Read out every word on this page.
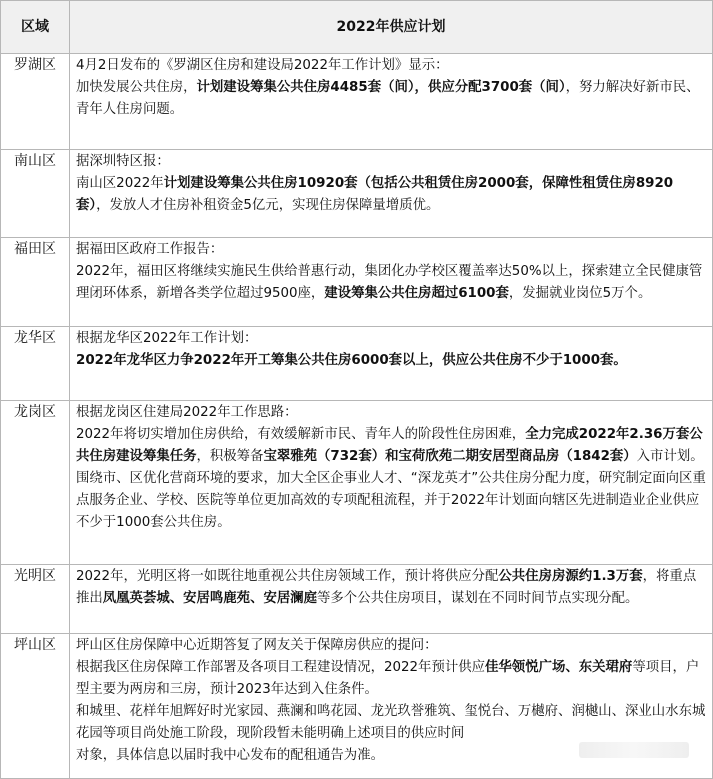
区域	2022年供应计划
罗湖区	4月2日发布的《罗湖区住房和建设局2022年工作计划》显示：
加快发展公共住房，计划建设筹集公共住房4485套（间），供应分配3700套（间），努力解决好新市民、青年人住房问题。

南山区	据深圳特区报：
南山区2022年计划建设筹集公共住房10920套（包括公共租赁住房2000套，保障性租赁住房8920套），发放人才住房补租资金5亿元，实现住房保障量增质优。

福田区	据福田区政府工作报告：
2022年，福田区将继续实施民生供给普惠行动，集团化办学校区覆盖率达50%以上，探索建立全民健康管理闭环体系，新增各类学位超过9500座，建设筹集公共住房超过6100套，发掘就业岗位5万个。

龙华区	根据龙华区2022年工作计划：
2022年龙华区力争2022年开工筹集公共住房6000套以上，供应公共住房不少于1000套。

龙岗区	根据龙岗区住建局2022年工作思路：
2022年将切实增加住房供给，有效缓解新市民、青年人的阶段性住房困难，全力完成2022年2.36万套公共住房建设筹集任务，积极筹备宝翠雅苑（732套）和宝荷欣苑二期安居型商品房（1842套）入市计划。
围绕市、区优化营商环境的要求，加大全区企事业人才、“深龙英才”公共住房分配力度，研究制定面向区重点服务企业、学校、医院等单位更加高效的专项配租流程，并于2022年计划面向辖区先进制造业企业供应不少于1000套公共住房。

光明区	2022年，光明区将一如既往地重视公共住房领域工作，预计将供应分配公共住房房源约1.3万套，将重点推出凤凰英荟城、安居鸣鹿苑、安居澜庭等多个公共住房项目，谋划在不同时间节点实现分配。

坪山区	坪山区住房保障中心近期答复了网友关于保障房供应的提问：
根据我区住房保障工作部署及各项目工程建设情况，2022年预计供应佳华领悦广场、东关珺府等项目，户型主要为两房和三房，预计2023年达到入住条件。
和城里、花样年旭辉好时光家园、燕澜和鸣花园、龙光玖誉雅筑、玺悦台、万樾府、润樾山、深业山水东城花园等项目尚处施工阶段，现阶段暂未能明确上述项目的供应时间
对象，具体信息以届时我中心发布的配租通告为准。
